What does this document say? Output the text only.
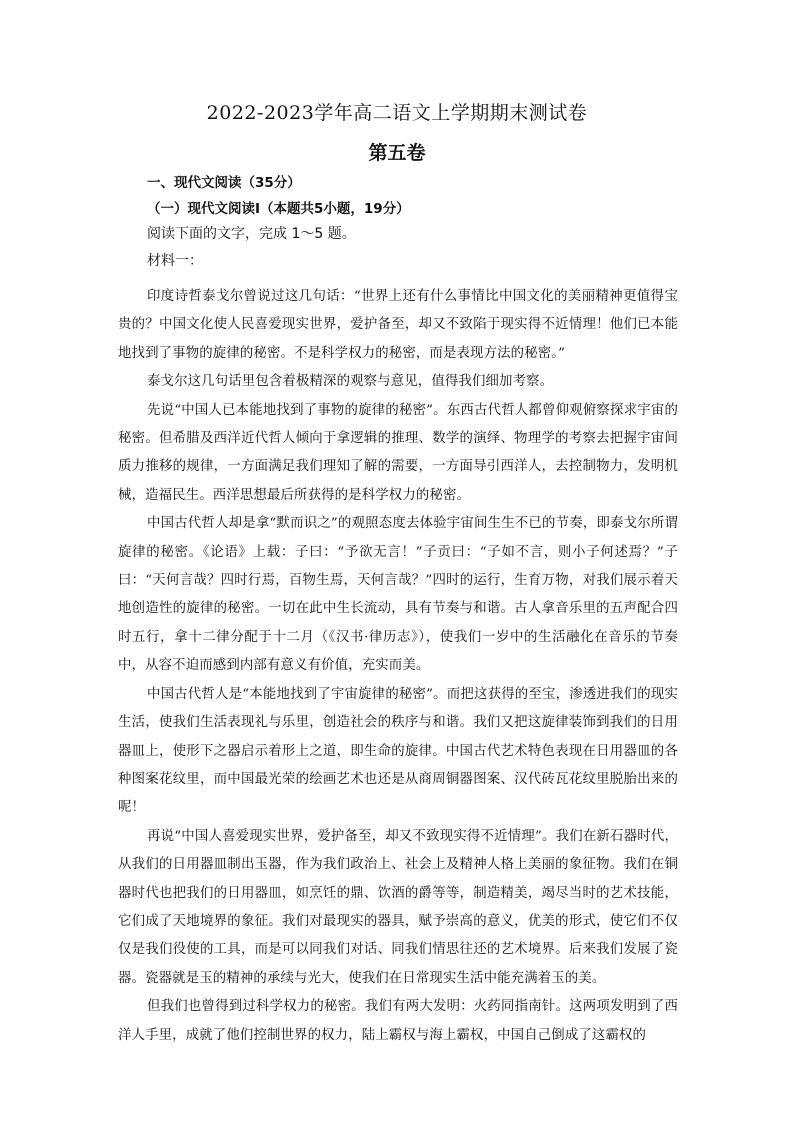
2022-2023学年高二语文上学期期末测试卷
第五卷

一、现代文阅读（35分）

（一）现代文阅读Ⅰ（本题共5小题，19分）

阅读下面的文字，完成 1～5 题。

材料一：

印度诗哲泰戈尔曾说过这几句话：“世界上还有什么事情比中国文化的美丽精神更值得宝贵的？中国文化使人民喜爱现实世界，爱护备至，却又不致陷于现实得不近情理！他们已本能地找到了事物的旋律的秘密。不是科学权力的秘密，而是表现方法的秘密。”

泰戈尔这几句话里包含着极精深的观察与意见，值得我们细加考察。

先说“中国人已本能地找到了事物的旋律的秘密”。东西古代哲人都曾仰观俯察探求宇宙的秘密。但希腊及西洋近代哲人倾向于拿逻辑的推理、数学的演绎、物理学的考察去把握宇宙间质力推移的规律，一方面满足我们理知了解的需要，一方面导引西洋人，去控制物力，发明机械，造福民生。西洋思想最后所获得的是科学权力的秘密。

中国古代哲人却是拿“默而识之”的观照态度去体验宇宙间生生不已的节奏，即泰戈尔所谓旋律的秘密。《论语》上载：子曰：“予欲无言！”子贡曰：“子如不言，则小子何述焉？”子曰：“天何言哉？四时行焉，百物生焉，天何言哉？”四时的运行，生育万物，对我们展示着天地创造性的旋律的秘密。一切在此中生长流动，具有节奏与和谐。古人拿音乐里的五声配合四时五行，拿十二律分配于十二月（《汉书·律历志》），使我们一岁中的生活融化在音乐的节奏中，从容不迫而感到内部有意义有价值，充实而美。

中国古代哲人是“本能地找到了宇宙旋律的秘密”。而把这获得的至宝，渗透进我们的现实生活，使我们生活表现礼与乐里，创造社会的秩序与和谐。我们又把这旋律装饰到我们的日用器皿上，使形下之器启示着形上之道，即生命的旋律。中国古代艺术特色表现在日用器皿的各种图案花纹里，而中国最光荣的绘画艺术也还是从商周铜器图案、汉代砖瓦花纹里脱胎出来的呢！

再说“中国人喜爱现实世界，爱护备至，却又不致现实得不近情理”。我们在新石器时代，从我们的日用器皿制出玉器，作为我们政治上、社会上及精神人格上美丽的象征物。我们在铜器时代也把我们的日用器皿，如烹饪的鼎、饮酒的爵等等，制造精美，竭尽当时的艺术技能，它们成了天地境界的象征。我们对最现实的器具，赋予崇高的意义，优美的形式，使它们不仅仅是我们役使的工具，而是可以同我们对话、同我们情思往还的艺术境界。后来我们发展了瓷器。瓷器就是玉的精神的承续与光大，使我们在日常现实生活中能充满着玉的美。

但我们也曾得到过科学权力的秘密。我们有两大发明：火药同指南针。这两项发明到了西洋人手里，成就了他们控制世界的权力，陆上霸权与海上霸权，中国自己倒成了这霸权的
